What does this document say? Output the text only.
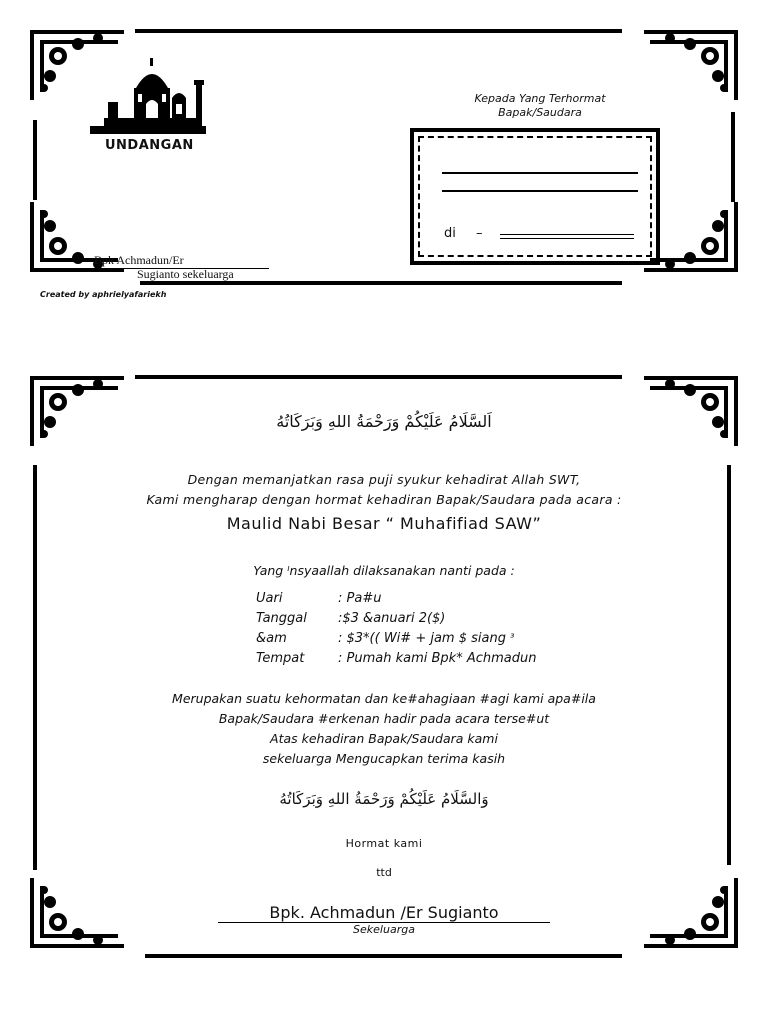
UNDANGAN
Kepada Yang Terhormat
Bapak/Saudara
di –
Bpk Achmadun/Er
Sugianto sekeluarga
Created by aphrielyafariekh
اَلسَّلَامُ عَلَيْكُمْ وَرَحْمَةُ اللهِ وَبَرَكَاتُهُ
Dengan memanjatkan rasa puji syukur kehadirat Allah SWT,
Kami mengharap dengan hormat kehadiran Bapak/Saudara pada acara :
Maulid Nabi Besar “ Muhafifiad SAW”
Yang ᴵnsyaallah dilaksanakan nanti pada :
Uari	: Pa#u
Tanggal	:$3 &anuari 2($)
&am	: $3*(( Wi# + jam $ siang ᶟ
Tempat	: Pumah kami Bpk* Achmadun
Merupakan suatu kehormatan dan ke#ahagiaan #agi kami apa#ila
Bapak/Saudara #erkenan hadir pada acara terse#ut
Atas kehadiran Bapak/Saudara kami
sekeluarga Mengucapkan terima kasih
وَالسَّلَامُ عَلَيْكُمْ وَرَحْمَةُ اللهِ وَبَرَكَاتُهُ
Hormat kami
ttd
Bpk. Achmadun /Er Sugianto
Sekeluarga
